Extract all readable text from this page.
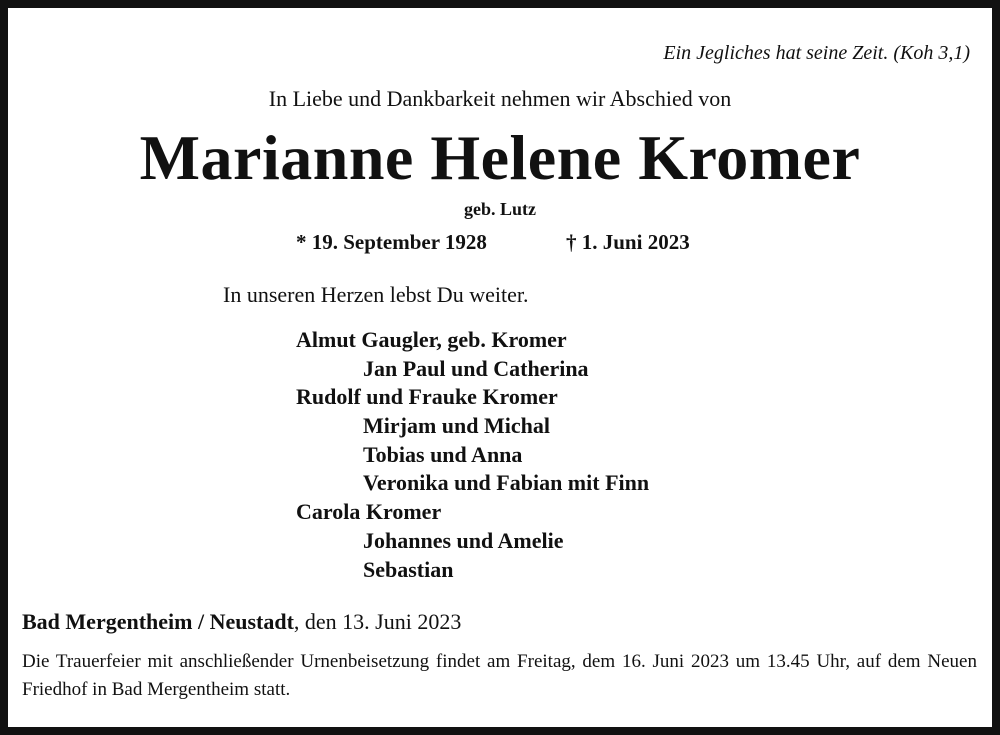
Ein Jegliches hat seine Zeit. (Koh 3,1)
In Liebe und Dankbarkeit nehmen wir Abschied von
Marianne Helene Kromer
geb. Lutz
* 19. September 1928	† 1. Juni 2023
In unseren Herzen lebst Du weiter.
Almut Gaugler, geb. Kromer
Jan Paul und Catherina
Rudolf und Frauke Kromer
Mirjam und Michal
Tobias und Anna
Veronika und Fabian mit Finn
Carola Kromer
Johannes und Amelie
Sebastian
Bad Mergentheim / Neustadt, den 13. Juni 2023
Die Trauerfeier mit anschließender Urnenbeisetzung findet am Freitag, dem 16. Juni 2023 um 13.45 Uhr, auf dem Neuen Friedhof in Bad Mergentheim statt.
